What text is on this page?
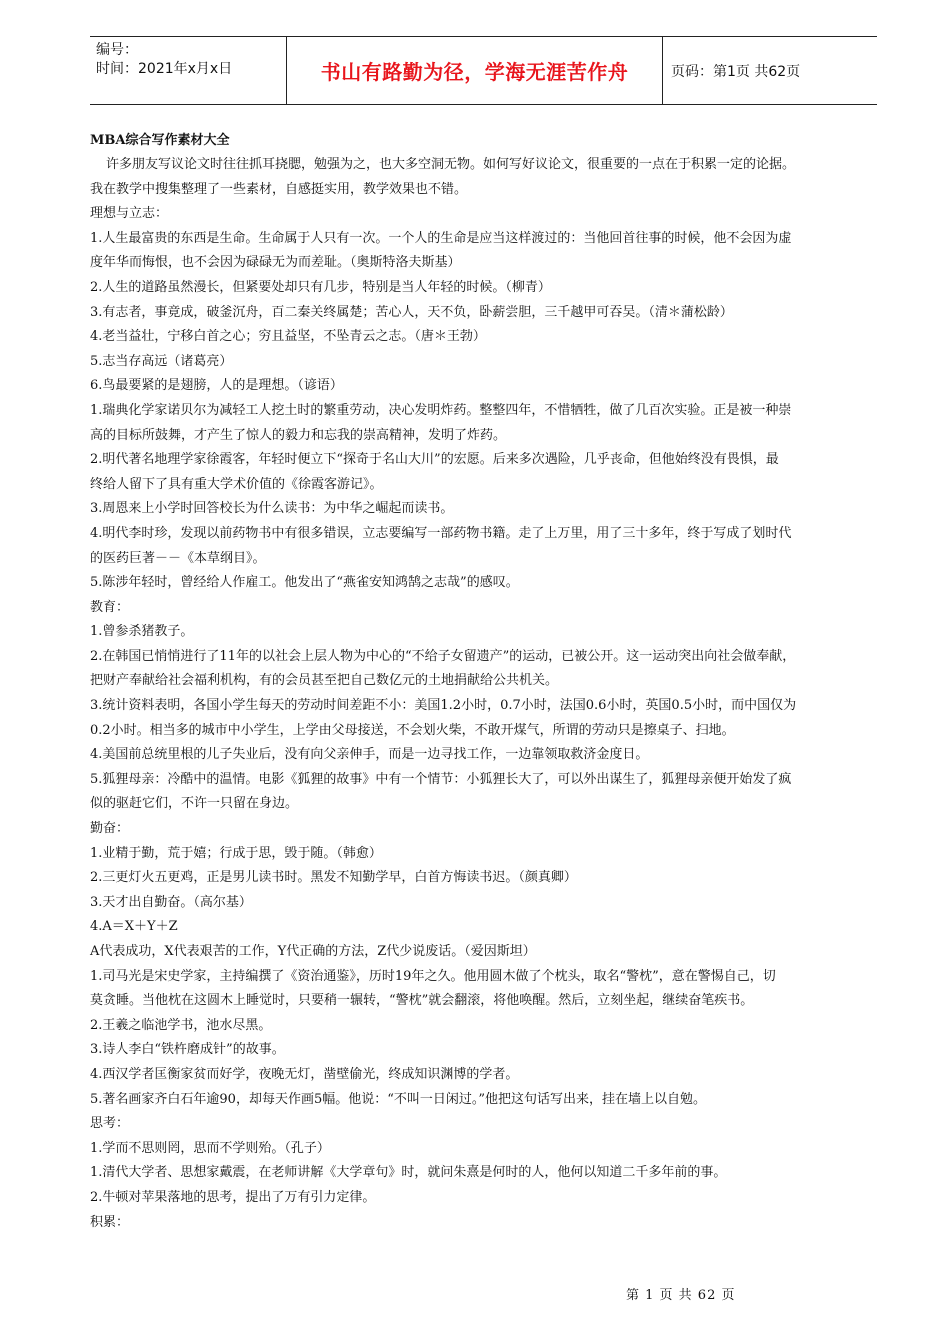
编号：
时间：2021年x月x日	书山有路勤为径，学海无涯苦作舟	页码：第1页 共62页
MBA综合写作素材大全
许多朋友写议论文时往往抓耳挠腮，勉强为之，也大多空洞无物。如何写好议论文，很重要的一点在于积累一定的论据。
我在教学中搜集整理了一些素材，自感挺实用，教学效果也不错。
理想与立志：
1.人生最富贵的东西是生命。生命属于人只有一次。一个人的生命是应当这样渡过的：当他回首往事的时候，他不会因为虚
度年华而悔恨，也不会因为碌碌无为而差耻。（奥斯特洛夫斯基）
2.人生的道路虽然漫长，但紧要处却只有几步，特别是当人年轻的时候。（柳青）
3.有志者，事竟成，破釜沉舟，百二秦关终属楚；苦心人，天不负，卧薪尝胆，三千越甲可吞吴。（清＊蒲松龄）
4.老当益壮，宁移白首之心；穷且益坚，不坠青云之志。（唐＊王勃）
5.志当存高远（诸葛亮）
6.鸟最要紧的是翅膀，人的是理想。（谚语）
1.瑞典化学家诺贝尔为减轻工人挖土时的繁重劳动，决心发明炸药。整整四年，不惜牺牲，做了几百次实验。正是被一种崇
高的目标所鼓舞，才产生了惊人的毅力和忘我的崇高精神，发明了炸药。
2.明代著名地理学家徐霞客，年轻时便立下“探奇于名山大川”的宏愿。后来多次遇险，几乎丧命，但他始终没有畏惧，最
终给人留下了具有重大学术价值的《徐霞客游记》。
3.周恩来上小学时回答校长为什么读书：为中华之崛起而读书。
4.明代李时珍，发现以前药物书中有很多错误，立志要编写一部药物书籍。走了上万里，用了三十多年，终于写成了划时代
的医药巨著－－《本草纲目》。
5.陈涉年轻时，曾经给人作雇工。他发出了“燕雀安知鸿鹄之志哉”的感叹。
教育：
1.曾参杀猪教子。
2.在韩国已悄悄进行了11年的以社会上层人物为中心的“不给子女留遗产”的运动，已被公开。这一运动突出向社会做奉献，
把财产奉献给社会福利机构，有的会员甚至把自己数亿元的土地捐献给公共机关。
3.统计资料表明，各国小学生每天的劳动时间差距不小：美国1.2小时，0.7小时，法国0.6小时，英国0.5小时，而中国仅为
0.2小时。相当多的城市中小学生，上学由父母接送，不会划火柴，不敢开煤气，所谓的劳动只是擦桌子、扫地。
4.美国前总统里根的儿子失业后，没有向父亲伸手，而是一边寻找工作，一边靠领取救济金度日。
5.狐狸母亲：冷酷中的温情。电影《狐狸的故事》中有一个情节：小狐狸长大了，可以外出谋生了，狐狸母亲便开始发了疯
似的驱赶它们，不许一只留在身边。
勤奋：
1.业精于勤，荒于嬉；行成于思，毁于随。（韩愈）
2.三更灯火五更鸡，正是男儿读书时。黑发不知勤学早，白首方悔读书迟。（颜真卿）
3.天才出自勤奋。（高尔基）
4.A＝X＋Y＋Z
A代表成功，X代表艰苦的工作，Y代正确的方法，Z代少说废话。（爱因斯坦）
1.司马光是宋史学家，主持编撰了《资治通鉴》，历时19年之久。他用圆木做了个枕头，取名“警枕”，意在警惕自己，切
莫贪睡。当他枕在这圆木上睡觉时，只要稍一辗转，“警枕”就会翻滚，将他唤醒。然后，立刻坐起，继续奋笔疾书。
2.王羲之临池学书，池水尽黑。
3.诗人李白“铁杵磨成针”的故事。
4.西汉学者匡衡家贫而好学，夜晚无灯，凿壁偷光，终成知识渊博的学者。
5.著名画家齐白石年逾90，却每天作画5幅。他说：“不叫一日闲过。”他把这句话写出来，挂在墙上以自勉。
思考：
1.学而不思则罔，思而不学则殆。（孔子）
1.清代大学者、思想家戴震，在老师讲解《大学章句》时，就问朱熹是何时的人，他何以知道二千多年前的事。
2.牛顿对苹果落地的思考，提出了万有引力定律。
积累：
第 1 页 共 62 页
